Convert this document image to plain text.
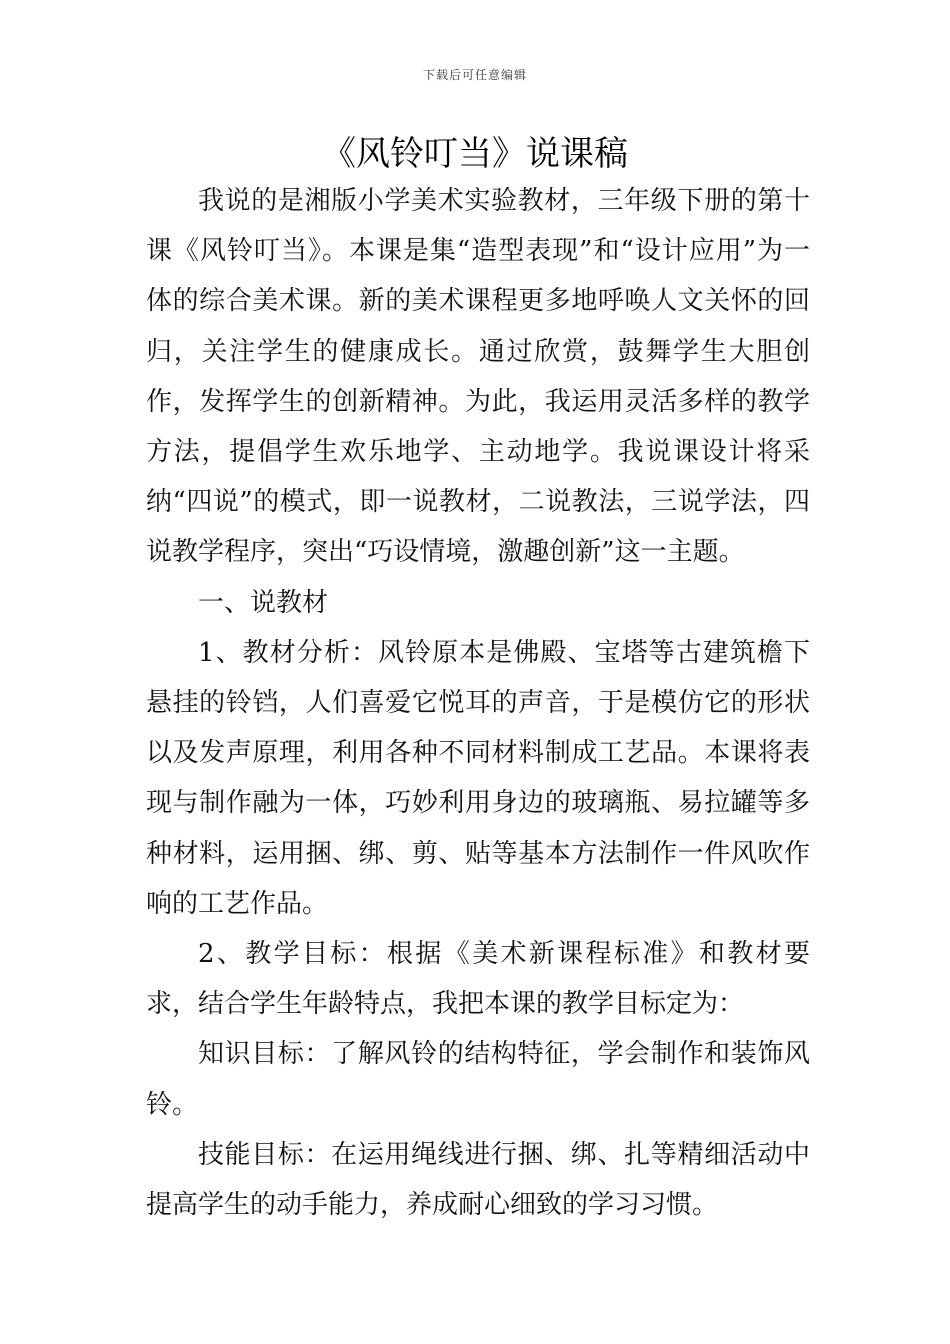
下载后可任意编辑
《风铃叮当》说课稿

我说的是湘版小学美术实验教材，三年级下册的第十课《风铃叮当》。本课是集“造型表现”和“设计应用”为一体的综合美术课。新的美术课程更多地呼唤人文关怀的回归，关注学生的健康成长。通过欣赏，鼓舞学生大胆创作，发挥学生的创新精神。为此，我运用灵活多样的教学方法，提倡学生欢乐地学、主动地学。我说课设计将采纳“四说”的模式，即一说教材，二说教法，三说学法，四说教学程序，突出“巧设情境，激趣创新”这一主题。

一、说教材

1、教材分析：风铃原本是佛殿、宝塔等古建筑檐下悬挂的铃铛，人们喜爱它悦耳的声音，于是模仿它的形状以及发声原理，利用各种不同材料制成工艺品。本课将表现与制作融为一体，巧妙利用身边的玻璃瓶、易拉罐等多种材料，运用捆、绑、剪、贴等基本方法制作一件风吹作响的工艺作品。

2、教学目标：根据《美术新课程标准》和教材要求，结合学生年龄特点，我把本课的教学目标定为：

知识目标：了解风铃的结构特征，学会制作和装饰风铃。

技能目标：在运用绳线进行捆、绑、扎等精细活动中提高学生的动手能力，养成耐心细致的学习习惯。
